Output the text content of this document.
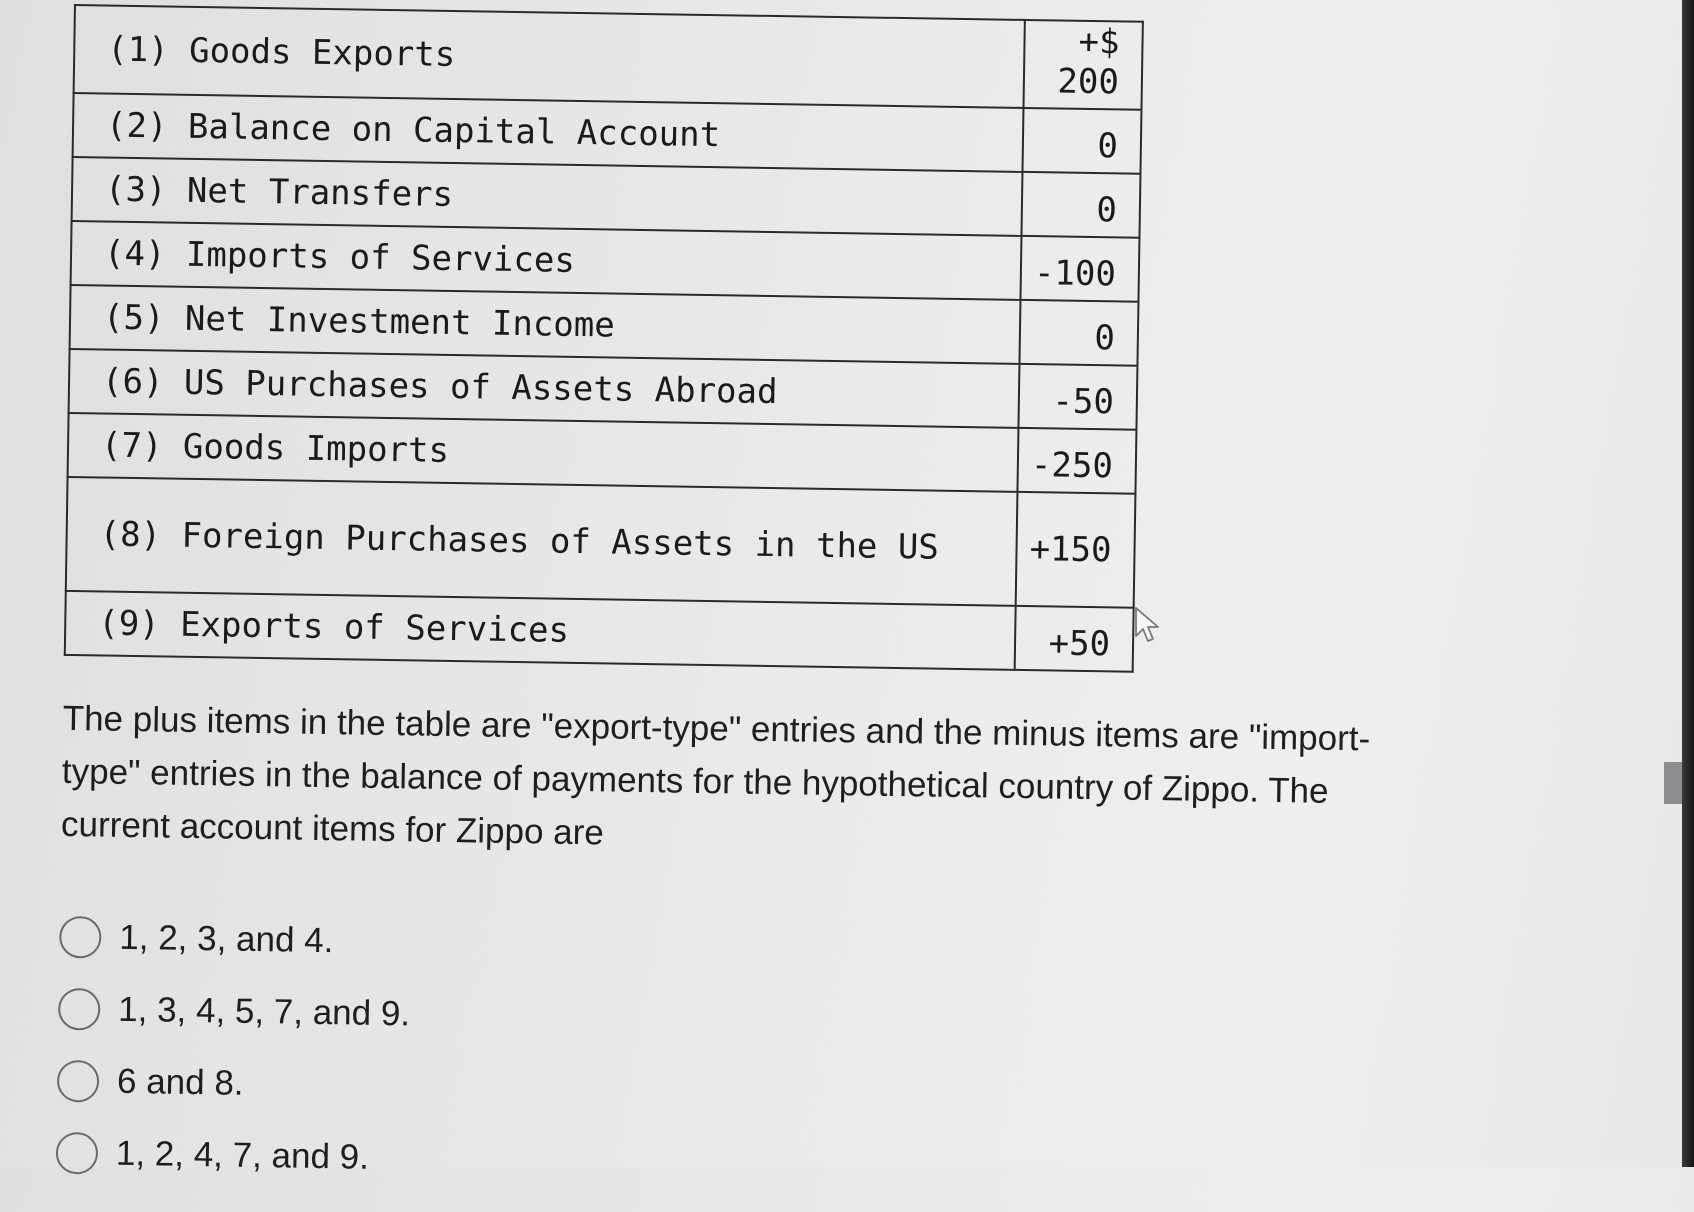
(1) Goods Exports	+$ 200
(2) Balance on Capital Account	0
(3) Net Transfers	0
(4) Imports of Services	-100
(5) Net Investment Income	0
(6) US Purchases of Assets Abroad	-50
(7) Goods Imports	-250
(8) Foreign Purchases of Assets in the US	+150
(9) Exports of Services	+50
The plus items in the table are "export-type" entries and the minus items are "import-type" entries in the balance of payments for the hypothetical country of Zippo. The current account items for Zippo are
1, 2, 3, and 4.
1, 3, 4, 5, 7, and 9.
6 and 8.
1, 2, 4, 7, and 9.
